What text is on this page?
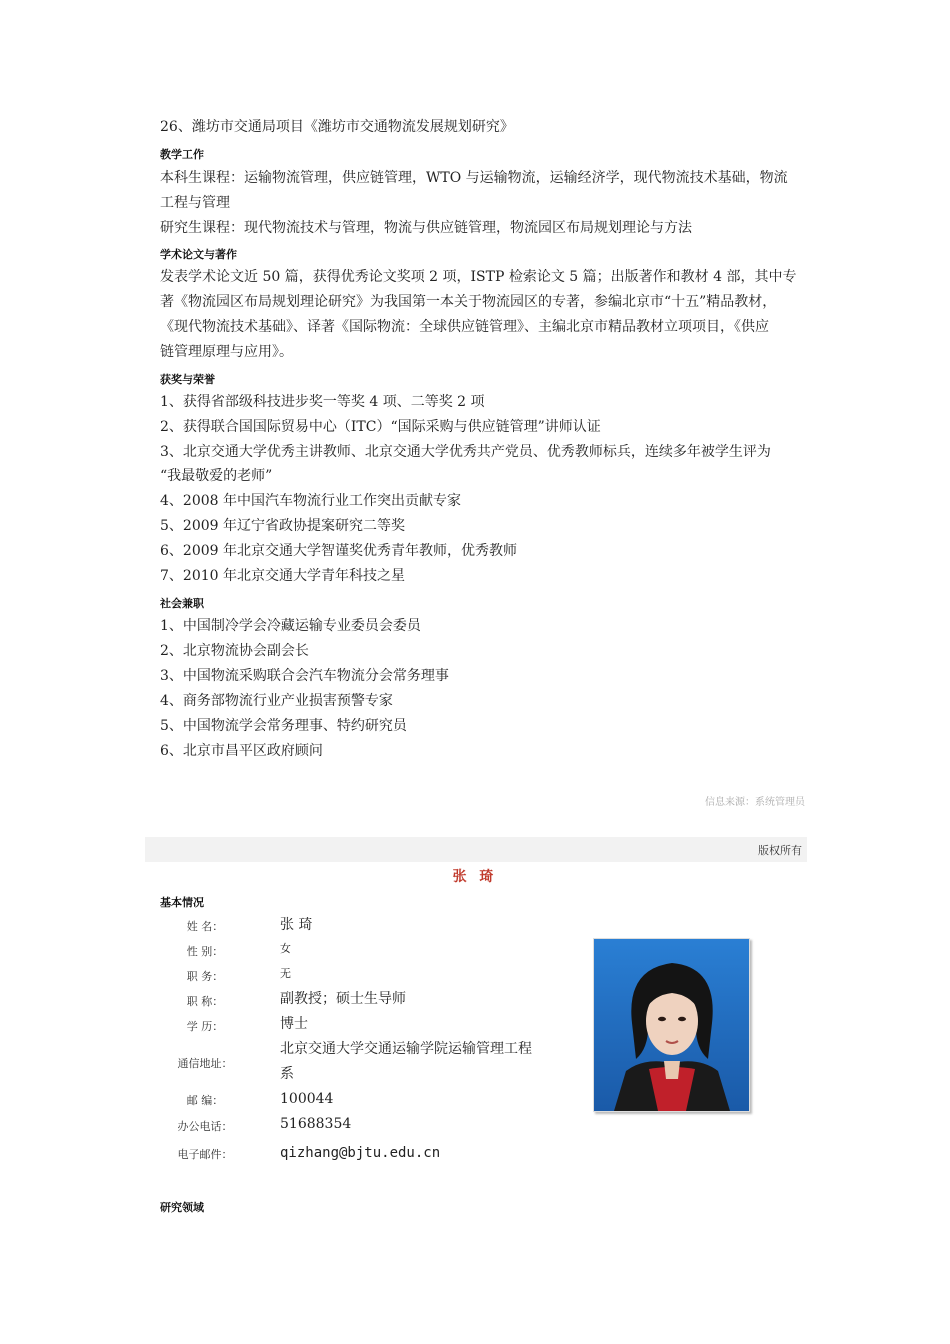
26、潍坊市交通局项目《潍坊市交通物流发展规划研究》
教学工作
本科生课程：运输物流管理，供应链管理，WTO 与运输物流，运输经济学，现代物流技术基础，物流
工程与管理
研究生课程：现代物流技术与管理，物流与供应链管理，物流园区布局规划理论与方法
学术论文与著作
发表学术论文近 50 篇，获得优秀论文奖项 2 项，ISTP 检索论文 5 篇；出版著作和教材 4 部，其中专
著《物流园区布局规划理论研究》为我国第一本关于物流园区的专著，参编北京市“十五”精品教材，
《现代物流技术基础》、译著《国际物流：全球供应链管理》、主编北京市精品教材立项项目，《供应
链管理原理与应用》。
获奖与荣誉
1、获得省部级科技进步奖一等奖 4 项、二等奖 2 项
2、获得联合国国际贸易中心（ITC）“国际采购与供应链管理”讲师认证
3、北京交通大学优秀主讲教师、北京交通大学优秀共产党员、优秀教师标兵，连续多年被学生评为
“我最敬爱的老师”
4、2008 年中国汽车物流行业工作突出贡献专家
5、2009 年辽宁省政协提案研究二等奖
6、2009 年北京交通大学智谨奖优秀青年教师，优秀教师
7、2010 年北京交通大学青年科技之星
社会兼职
1、中国制冷学会冷藏运输专业委员会委员
2、北京物流协会副会长
3、中国物流采购联合会汽车物流分会常务理事
4、商务部物流行业产业损害预警专家
5、中国物流学会常务理事、特约研究员
6、北京市昌平区政府顾问
信息来源：系统管理员
版权所有
张 琦
基本情况
姓 名：	张 琦
性 别：	女
职 务：	无
职 称：	副教授；硕士生导师
学 历：	博士
通信地址：
北京交通大学交通运输学院运输管理工程
系
邮 编：	100044
办公电话：	51688354
电子邮件：	qizhang@bjtu.edu.cn
研究领域
